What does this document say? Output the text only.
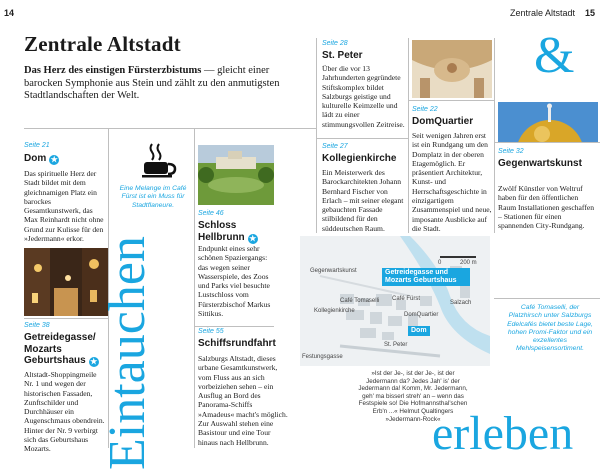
14	Zentrale Altstadt 15
Zentrale Altstadt
Das Herz des einstigen Fürsterzbistums — gleicht einer barocken Symphonie aus Stein und zählt zu den anmutigsten Stadtlandschaften der Welt.
Seite 21
Dom ★
Das spirituelle Herz der Stadt bildet mit dem gleichnamigen Platz ein barockes Gesamtkunstwerk, das Max Reinhardt nicht ohne Grund zur Kulisse für den »Jedermann« erkor.
Seite 38
Getreidegasse/ Mozarts Geburtshaus ★
Altstadt-Shoppingmeile Nr. 1 und wegen der historischen Fassaden, Zunftschilder und Durchhäuser ein Augenschmaus obendrein. Hinter der Nr. 9 verbirgt sich das Geburtshaus Mozarts.
Eine Melange im Café Fürst ist ein Muss für Stadtflaneure.
Eintauchen
Seite 46
Schloss Hellbrunn ★
Endpunkt eines sehr schönen Spaziergangs: das wegen seiner Wasserspiele, des Zoos und Parks viel besuchte Lustschloss vom Fürsterzbischof Markus Sittikus.
Seite 55
Schiffsrundfahrt
Salzburgs Altstadt, dieses urbane Gesamtkunstwerk, vom Fluss aus an sich vorbeiziehen sehen – ein Ausflug an Bord des Panorama-Schiffs »Amadeus« macht's möglich. Zur Auswahl stehen eine Basistour und eine Tour hinaus nach Hellbrunn.
Seite 28
St. Peter
Über die vor 13 Jahrhunderten gegründete Stiftskomplex bildet Salzburgs geistige und kulturelle Keimzelle und lädt zu einer stimmungsvollen Zeitreise.
Seite 27
Kollegienkirche
Ein Meisterwerk des Barockarchitekten Johann Bernhard Fischer von Erlach – mit seiner elegant gebauchten Fassade stilbildend für den süddeutschen Raum.
Seite 22
DomQuartier
Seit wenigen Jahren erst ist ein Rundgang um den Domplatz in der oberen Etagemöglich. Er präsentiert Architektur, Kunst- und Herrschaftsgeschichte in einzigartigem Zusammenspiel und neue, imposante Ausblicke auf die Stadt.
&
Seite 32
Gegenwartskunst
Zwölf Künstler von Weltruf haben für den öffentlichen Raum Installationen geschaffen – Stationen für einen spannenden City-Rundgang.
Café Tomaselli, der Platzhirsch unter Salzburgs Edelcafés bietet beste Lage, hohen Promi-Faktor und ein exzellentes Mehlspeisensortiment.
Gegenwartskunst
Festungsgasse
Café Tomaselli Café Fürst
Kollegienkirche
Salzach
St. Peter
DomQuartier
Getreidegasse und Mozarts Geburtshaus
Dom
0	200 m
»Ist der Je-, ist der Je-, ist der Jedermann da? Jedes Jah' is' der Jedermann da! Komm, Mr. Jedermann, geh' ma bisserl streh' an – wenn das Festspiele so! Die Hofmannsthal'schen Erb'n ...« Helmut Qualtingers »Jedermann-Rock«
erleben
